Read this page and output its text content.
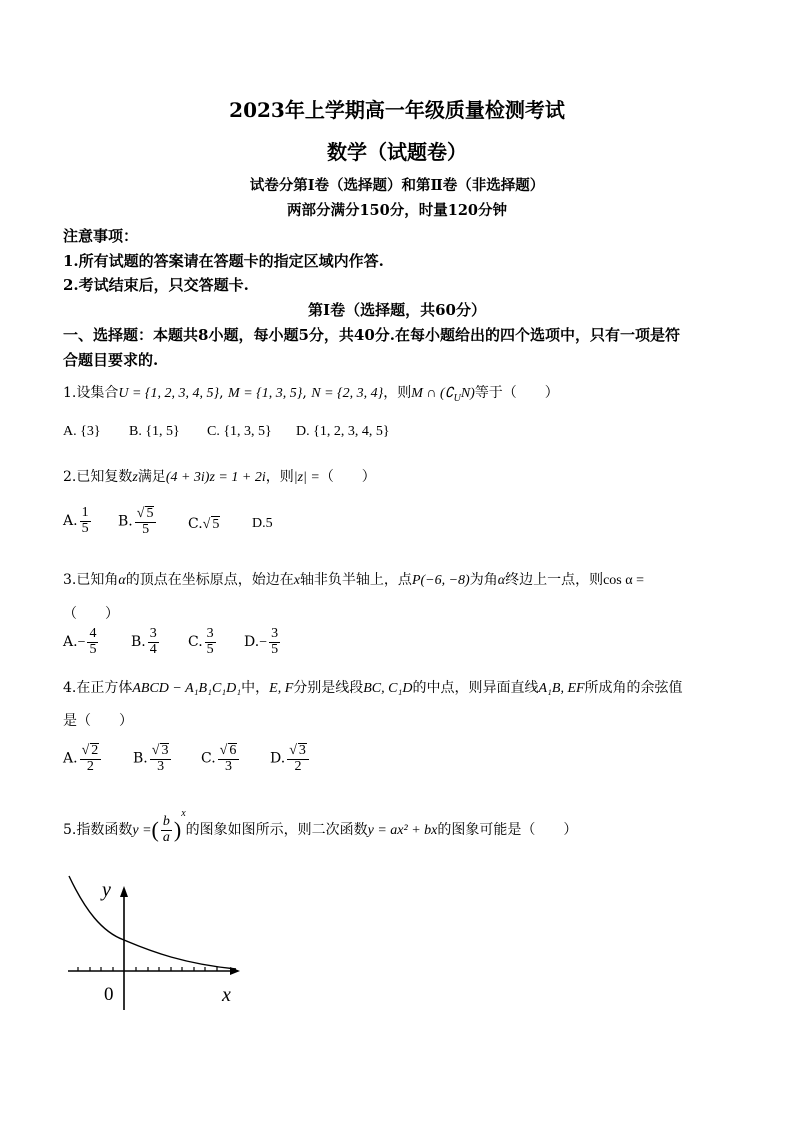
2023年上学期高一年级质量检测考试
数学（试题卷）
试卷分第Ⅰ卷（选择题）和第Ⅱ卷（非选择题）
两部分满分150分，时量120分钟
注意事项：
1.所有试题的答案请在答题卡的指定区域内作答.
2.考试结束后，只交答题卡.
第Ⅰ卷（选择题，共60分）
一、选择题：本题共8小题，每小题5分，共40分.在每小题给出的四个选项中，只有一项是符
合题目要求的.
1.设集合U = {1, 2, 3, 4, 5}, M = {1, 3, 5}, N = {2, 3, 4}，则M ∩ $(∁_UN)$等于（　　）
A. {3} B. {1, 5} C. {1, 3, 5} D. {1, 2, 3, 4, 5}
2.已知复数z满足(4 + 3i)z = 1 + 2i，则|z| =（　　）
A. $\frac{1}{5} B$. $\frac{√ 5}{5} C.√$ 5 D.5
3.已知角α的顶点在坐标原点，始边在x轴非负半轴上，点P(−6, −8)为角α终边上一点，则cos α =
（　　）
$A.- \frac{4}{5} B$. $\frac{3}{4} C$. $\frac{3}{5} D.- \frac{3}{5}$
4.在正方体ABCD − A₁B₁C₁D₁中，E, F分别是线段BC, C₁D的中点，则异面直线A₁B, EF所成角的余弦值
是（　　）
A. $\frac{√ 2}{2} B$. $\frac{√ 3}{3} C$. $\frac{√ 6}{3} D$. $\frac{√ 3}{2}$
5.指数函数y =( $\frac{b}{a} )^x$的图象如图所示，则二次函数y = ax² + bx的图象可能是（　　）
y
x
0
